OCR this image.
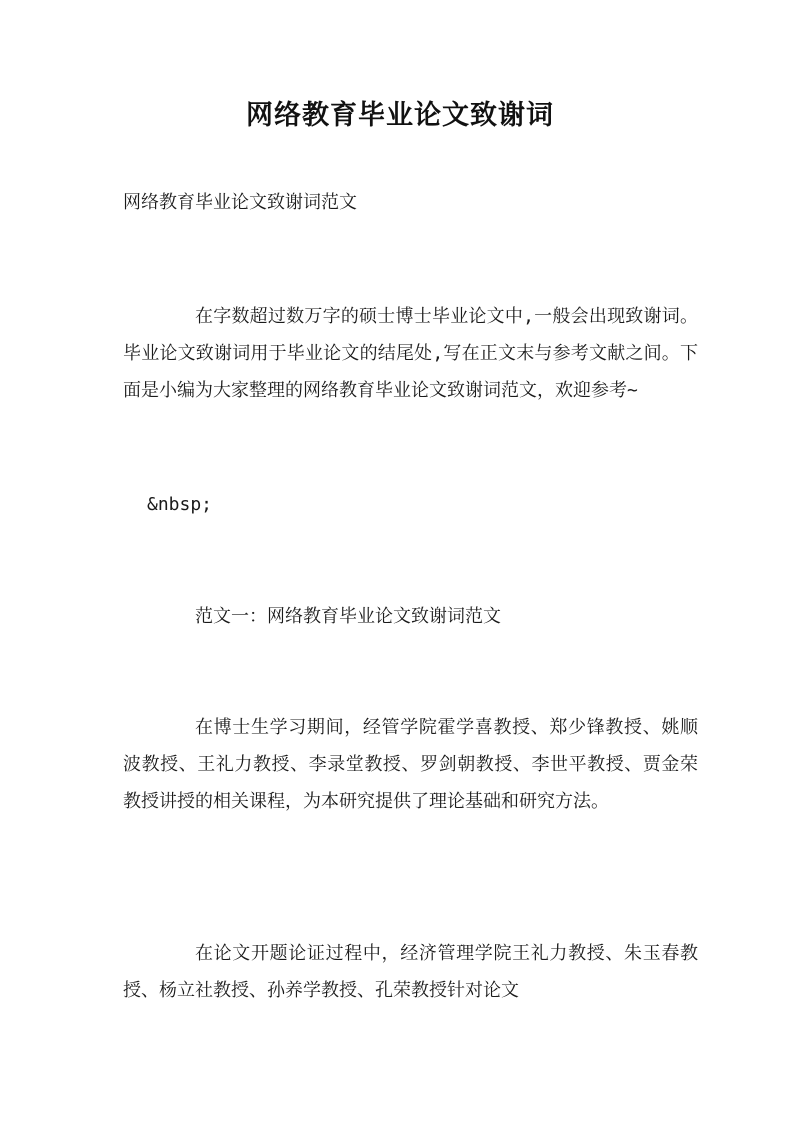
网络教育毕业论文致谢词
网络教育毕业论文致谢词范文

在字数超过数万字的硕士博士毕业论文中,一般会出现致谢词。毕业论文致谢词用于毕业论文的结尾处,写在正文末与参考文献之间。下面是小编为大家整理的网络教育毕业论文致谢词范文，欢迎参考~

&nbsp;
范文一：网络教育毕业论文致谢词范文

在博士生学习期间，经管学院霍学喜教授、郑少锋教授、姚顺波教授、王礼力教授、李录堂教授、罗剑朝教授、李世平教授、贾金荣教授讲授的相关课程，为本研究提供了理论基础和研究方法。

在论文开题论证过程中，经济管理学院王礼力教授、朱玉春教授、杨立社教授、孙养学教授、孔荣教授针对论文
